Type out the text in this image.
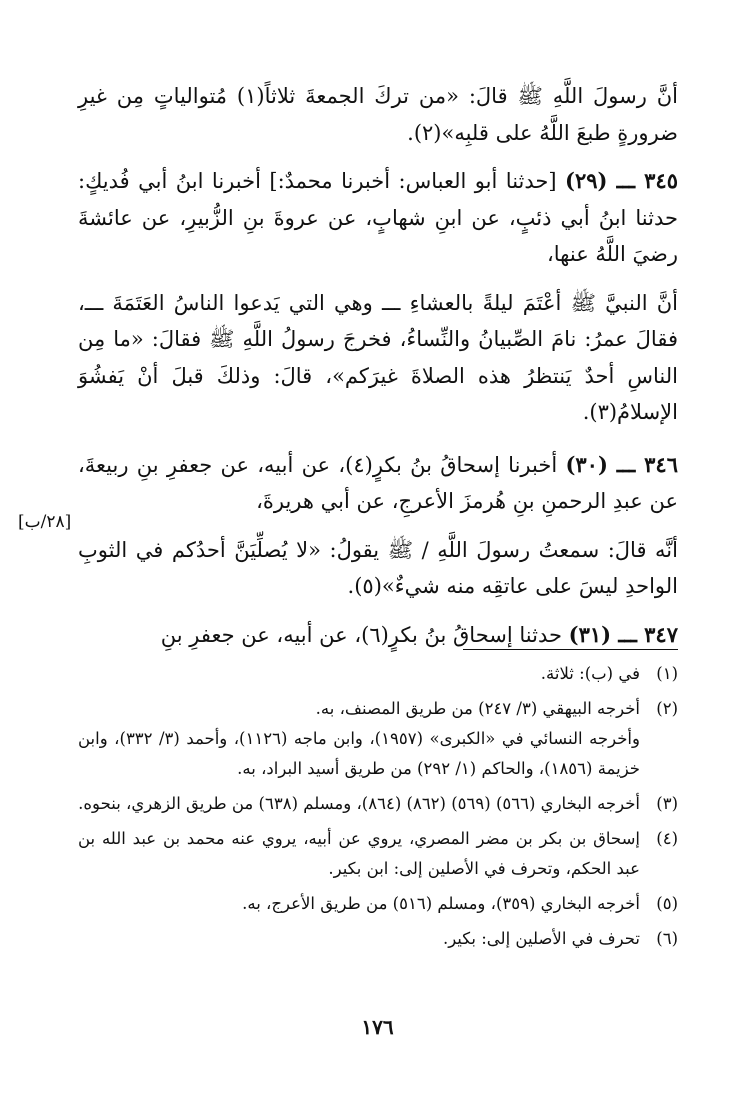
أنَّ رسولَ اللَّهِ ﷺ قالَ: «من تركَ الجمعةَ ثلاثاً(١) مُتوالياتٍ مِن غيرِ ضرورةٍ طبعَ اللَّهُ على قلبِه»(٢).

٣٤٥ ـــ (٢٩) [حدثنا أبو العباس: أخبرنا محمدٌ:] أخبرنا ابنُ أبي فُديكٍ: حدثنا ابنُ أبي ذئبٍ، عن ابنِ شهابٍ، عن عروةَ بنِ الزُّبيرِ، عن عائشةَ رضيَ اللَّهُ عنها،

أنَّ النبيَّ ﷺ أعْتَمَ ليلةً بالعشاءِ ـــ وهي التي يَدعوا الناسُ العَتَمَةَ ـــ، فقالَ عمرُ: نامَ الصِّبيانُ والنِّساءُ، فخرجَ رسولُ اللَّهِ ﷺ فقالَ: «ما مِن الناسِ أحدٌ يَنتظرُ هذه الصلاةَ غيرَكم»، قالَ: وذلكَ قبلَ أنْ يَفشُوَ الإسلامُ(٣).

٣٤٦ ـــ (٣٠) أخبرنا إسحاقُ بنُ بكرٍ(٤)، عن أبيه، عن جعفرِ بنِ ربيعةَ، عن عبدِ الرحمنِ بنِ هُرمزَ الأعرجِ، عن أبي هريرةَ،

أنَّه قالَ: سمعتُ رسولَ اللَّهِ / ﷺ يقولُ: «لا يُصلِّيَنَّ أحدُكم في الثوبِ الواحدِ ليسَ على عاتقِه منه شيءٌ»(٥).

٣٤٧ ـــ (٣١) حدثنا إسحاقُ بنُ بكرٍ(٦)، عن أبيه، عن جعفرِ بنِ

[٢٨/ب]
(١)
في (ب): ثلاثة.
(٢)
أخرجه البيهقي (٣/ ٢٤٧) من طريق المصنف، به.
وأخرجه النسائي في «الكبرى» (١٩٥٧)، وابن ماجه (١١٢٦)، وأحمد (٣/ ٣٣٢)، وابن خزيمة (١٨٥٦)، والحاكم (١/ ٢٩٢) من طريق أسيد البراد، به.
(٣)
أخرجه البخاري (٥٦٦) (٥٦٩) (٨٦٢) (٨٦٤)، ومسلم (٦٣٨) من طريق الزهري، بنحوه.
(٤)
إسحاق بن بكر بن مضر المصري، يروي عن أبيه، يروي عنه محمد بن عبد الله بن عبد الحكم، وتحرف في الأصلين إلى: ابن بكير.
(٥)
أخرجه البخاري (٣٥٩)، ومسلم (٥١٦) من طريق الأعرج، به.
(٦)
تحرف في الأصلين إلى: بكير.
١٧٦
